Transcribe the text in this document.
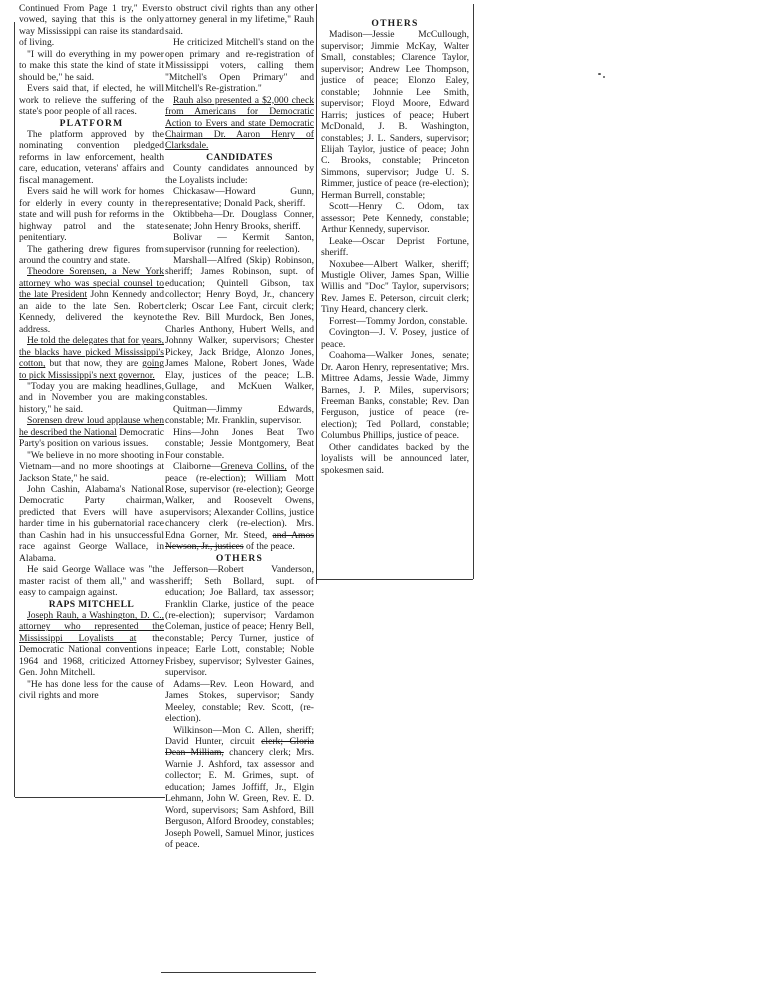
Continued From Page 1 try," Evers vowed, saying that this is the only way Mississippi can raise its standard of living.

"I will do everything in my power to make this state the kind of state it should be," he said.

Evers said that, if elected, he will work to relieve the suffering of the state's poor people of all races.

PLATFORM

The platform approved by the nominating convention pledged reforms in law enforcement, health care, education, veterans' affairs and fiscal management.

Evers said he will work for homes for elderly in every county in the state and will push for reforms in the highway patrol and the state penitentiary.

The gathering drew figures from around the country and state.

Theodore Sorensen, a New York attorney who was special counsel to the late President John Kennedy and an aide to the late Sen. Robert Kennedy, delivered the keynote address.

He told the delegates that for years, the blacks have picked Mississippi's cotton, but that now, they are going to pick Mississippi's next governor.

"Today you are making headlines, and in November you are making history," he said.

Sorensen drew loud applause when he described the National Democratic Party's position on various issues.

"We believe in no more shooting in Vietnam—and no more shootings at Jackson State," he said.

John Cashin, Alabama's National Democratic Party chairman, predicted that Evers will have a harder time in his gubernatorial race than Cashin had in his unsuccessful race against George Wallace, in Alabama.

He said George Wallace was "the master racist of them all," and was easy to campaign against.

RAPS MITCHELL

Joseph Rauh, a Washington, D. C., attorney who represented the Mississippi Loyalists at the Democratic National conventions in 1964 and 1968, criticized Attorney Gen. John Mitchell.

"He has done less for the cause of civil rights and more

to obstruct civil rights than any other attorney general in my lifetime," Rauh said.

He criticized Mitchell's stand on the open primary and re-registration of Mississippi voters, calling them "Mitchell's Open Primary" and Mitchell's Re-gistration."

Rauh also presented a $2,000 check from Americans for Democratic Action to Evers and state Democratic Chairman Dr. Aaron Henry of Clarksdale.

CANDIDATES

County candidates announced by the Loyalists include:

Chickasaw—Howard Gunn, representative; Donald Pack, sheriff.

Oktibbeha—Dr. Douglass Conner, senate; John Henry Brooks, sheriff.

Bolivar — Kermit Santon, supervisor (running for reelection).

Marshall—Alfred (Skip) Robinson, sheriff; James Robinson, supt. of education; Quintell Gibson, tax collector; Henry Boyd, Jr., chancery clerk; Oscar Lee Fant, circuit clerk; the Rev. Bill Murdock, Ben Jones, Charles Anthony, Hubert Wells, and Johnny Walker, supervisors; Chester Pickey, Jack Bridge, Alonzo Jones, James Malone, Robert Jones, Wade Elay, justices of the peace; L.B. Gullage, and McKuen Walker, constables.

Quitman—Jimmy Edwards, constable; Mr. Franklin, supervisor.

Hins—John Jones Beat Two constable; Jessie Montgomery, Beat Four constable.

Claiborne—Greneva Collins, of the peace (re-election); William Mott Rose, supervisor (re-election); George Walker, and Roosevelt Owens, supervisors; Alexander Collins, justice chancery clerk (re-election). Mrs. Edna Gorner, Mr. Steed, and Amos Newson, Jr., justices of the peace.

OTHERS

Jefferson—Robert Vanderson, sheriff; Seth Bollard, supt. of education; Joe Ballard, tax assessor; Franklin Clarke, justice of the peace (re-election); supervisor; Vardamon Coleman, justice of peace; Henry Bell, constable; Percy Turner, justice of peace; Earle Lott, constable; Noble Frisbey, supervisor; Sylvester Gaines, supervisor.

Adams—Rev. Leon Howard, and James Stokes, supervisor; Sandy Meeley, constable; Rev. Scott, (re-election).

Wilkinson—Mon C. Allen, sheriff; David Hunter, circuit clerk; Gloria Dean Milliam, chancery clerk; Mrs. Warnie J. Ashford, tax assessor and collector; E. M. Grimes, supt. of education; James Joffiff, Jr., Elgin Lehmann, John W. Green, Rev. E. D. Word, supervisors; Sam Ashford, Bill Berguson, Alford Broodey, constables; Joseph Powell, Samuel Minor, justices of peace.

OTHERS

Madison—Jessie McCullough, supervisor; Jimmie McKay, Walter Small, constables; Clarence Taylor, supervisor; Andrew Lee Thompson, justice of peace; Elonzo Ealey, constable; Johnnie Lee Smith, supervisor; Floyd Moore, Edward Harris; justices of peace; Hubert McDonald, J. B. Washington, constables; J. L. Sanders, supervisor; Elijah Taylor, justice of peace; John C. Brooks, constable; Princeton Simmons, supervisor; Judge U. S. Rimmer, justice of peace (re-election); Herman Burrell, constable;

Scott—Henry C. Odom, tax assessor; Pete Kennedy, constable; Arthur Kennedy, supervisor.

Leake—Oscar Deprist Fortune, sheriff.

Noxubee—Albert Walker, sheriff; Mustigle Oliver, James Span, Willie Willis and "Doc" Taylor, supervisors; Rev. James E. Peterson, circuit clerk; Tiny Heard, chancery clerk.

Forrest—Tommy Jordon, constable.

Covington—J. V. Posey, justice of peace.

Coahoma—Walker Jones, senate; Dr. Aaron Henry, representative; Mrs. Mittree Adams, Jessie Wade, Jimmy Barnes, J. P. Miles, supervisors; Freeman Banks, constable; Rev. Dan Ferguson, justice of peace (re-election); Ted Pollard, constable; Columbus Phillips, justice of peace.

Other candidates backed by the loyalists will be announced later, spokesmen said.
